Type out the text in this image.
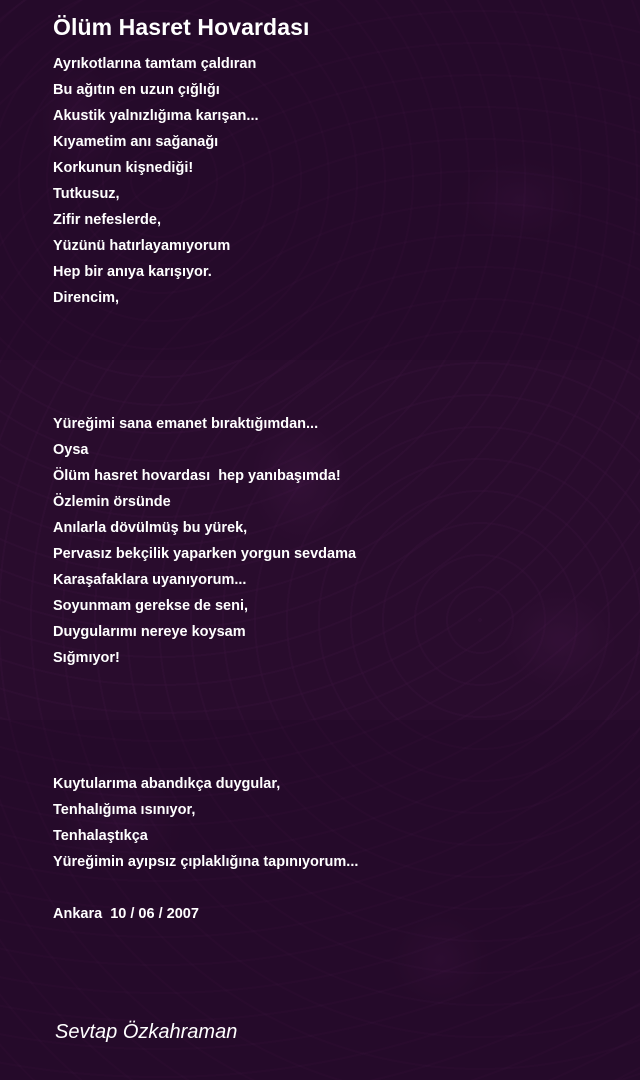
Ölüm Hasret Hovardası
Ayrıkotlarına tamtam çaldıran
Bu ağıtın en uzun çığlığı
Akustik yalnızlığıma karışan...
Kıyametim anı sağanağı
Korkunun kişnediği!
Tutkusuz,
Zifir nefeslerde,
Yüzünü hatırlayamıyorum
Hep bir anıya karışıyor.
Direncim,
Yüreğimi sana emanet bıraktığımdan...
Oysa
Ölüm hasret hovardası  hep yanıbaşımda!
Özlemin örsünde
Anılarla dövülmüş bu yürek,
Pervasız bekçilik yaparken yorgun sevdama
Karaşafaklara uyanıyorum...
Soyunmam gerekse de seni,
Duygularımı nereye koysam
Sığmıyor!
Kuytularıma abandıkça duygular,
Tenhalığıma ısınıyor,
Tenhalaştıkça
Yüreğimin ayıpsız çıplaklığına tapınıyorum...
Ankara  10 / 06 / 2007
Sevtap Özkahraman
